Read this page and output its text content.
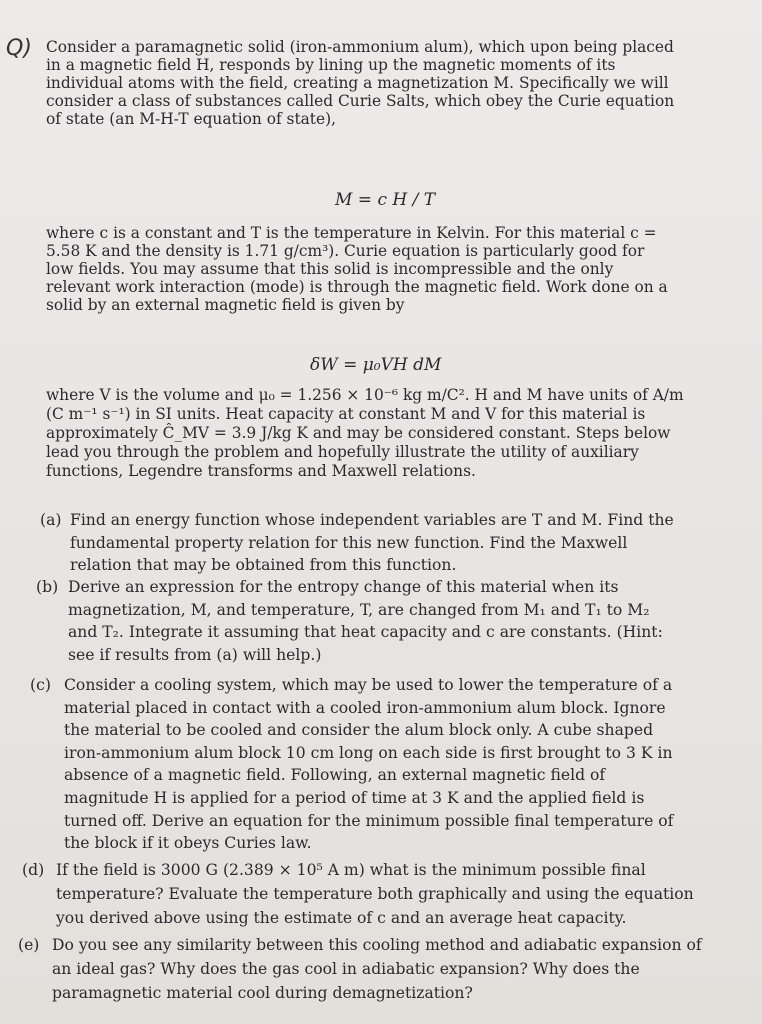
Q) Consider a paramagnetic solid (iron-ammonium alum), which upon being placed in a magnetic field H, responds by lining up the magnetic moments of its individual atoms with the field, creating a magnetization M. Specifically we will consider a class of substances called Curie Salts, which obey the Curie equation of state (an M-H-T equation of state),

M = c H / T

where c is a constant and T is the temperature in Kelvin. For this material c = 5.58 K and the density is 1.71 g/cm³). Curie equation is particularly good for low fields. You may assume that this solid is incompressible and the only relevant work interaction (mode) is through the magnetic field. Work done on a solid by an external magnetic field is given by

δW = μ₀VH dM

where V is the volume and μ₀ = 1.256 × 10⁻⁶ kg m/C². H and M have units of A/m (C m⁻¹ s⁻¹) in SI units. Heat capacity at constant M and V for this material is approximately Ĉ_MV = 3.9 J/kg K and may be considered constant. Steps below lead you through the problem and hopefully illustrate the utility of auxiliary functions, Legendre transforms and Maxwell relations.

(a) Find an energy function whose independent variables are T and M. Find the fundamental property relation for this new function. Find the Maxwell relation that may be obtained from this function.
(b) Derive an expression for the entropy change of this material when its magnetization, M, and temperature, T, are changed from M₁ and T₁ to M₂ and T₂. Integrate it assuming that heat capacity and c are constants. (Hint: see if results from (a) will help.)
(c) Consider a cooling system, which may be used to lower the temperature of a material placed in contact with a cooled iron-ammonium alum block. Ignore the material to be cooled and consider the alum block only. A cube shaped iron-ammonium alum block 10 cm long on each side is first brought to 3 K in absence of a magnetic field. Following, an external magnetic field of magnitude H is applied for a period of time at 3 K and the applied field is turned off. Derive an equation for the minimum possible final temperature of the block if it obeys Curies law.
(d) If the field is 3000 G (2.389 × 10⁵ A m) what is the minimum possible final temperature? Evaluate the temperature both graphically and using the equation you derived above using the estimate of c and an average heat capacity.
(e) Do you see any similarity between this cooling method and adiabatic expansion of an ideal gas? Why does the gas cool in adiabatic expansion? Why does the paramagnetic material cool during demagnetization?
